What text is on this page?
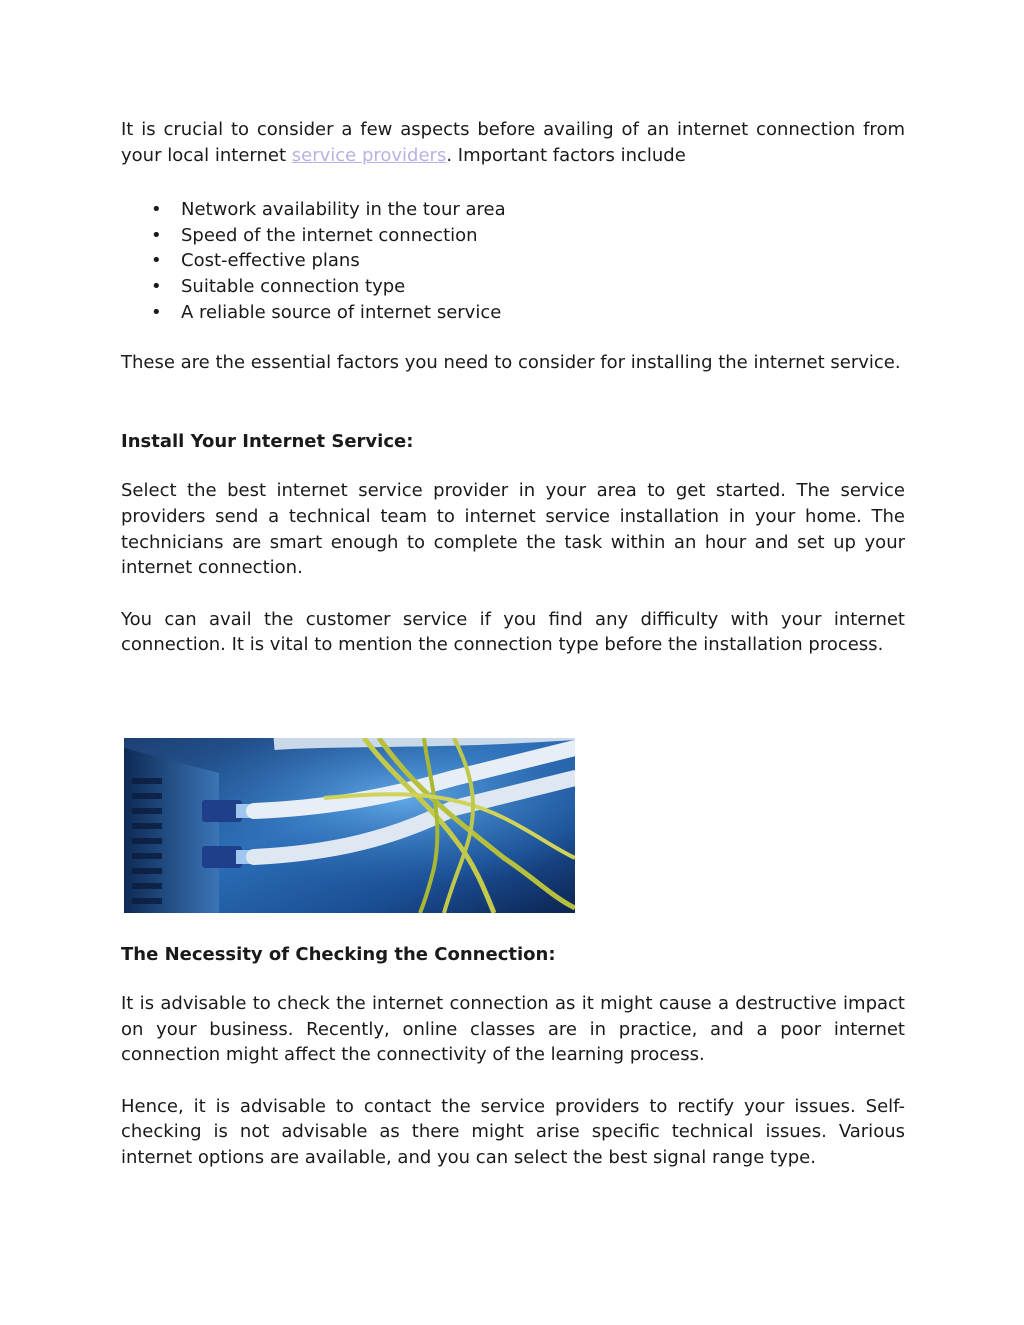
It is crucial to consider a few aspects before availing of an internet connection from your local internet service providers. Important factors include

• Network availability in the tour area
• Speed of the internet connection
• Cost-effective plans
• Suitable connection type
• A reliable source of internet service

These are the essential factors you need to consider for installing the internet service.

Install Your Internet Service:

Select the best internet service provider in your area to get started. The service providers send a technical team to internet service installation in your home. The technicians are smart enough to complete the task within an hour and set up your internet connection.

You can avail the customer service if you find any difficulty with your internet connection. It is vital to mention the connection type before the installation process.

The Necessity of Checking the Connection:

It is advisable to check the internet connection as it might cause a destructive impact on your business. Recently, online classes are in practice, and a poor internet connection might affect the connectivity of the learning process.

Hence, it is advisable to contact the service providers to rectify your issues. Self-checking is not advisable as there might arise specific technical issues. Various internet options are available, and you can select the best signal range type.
